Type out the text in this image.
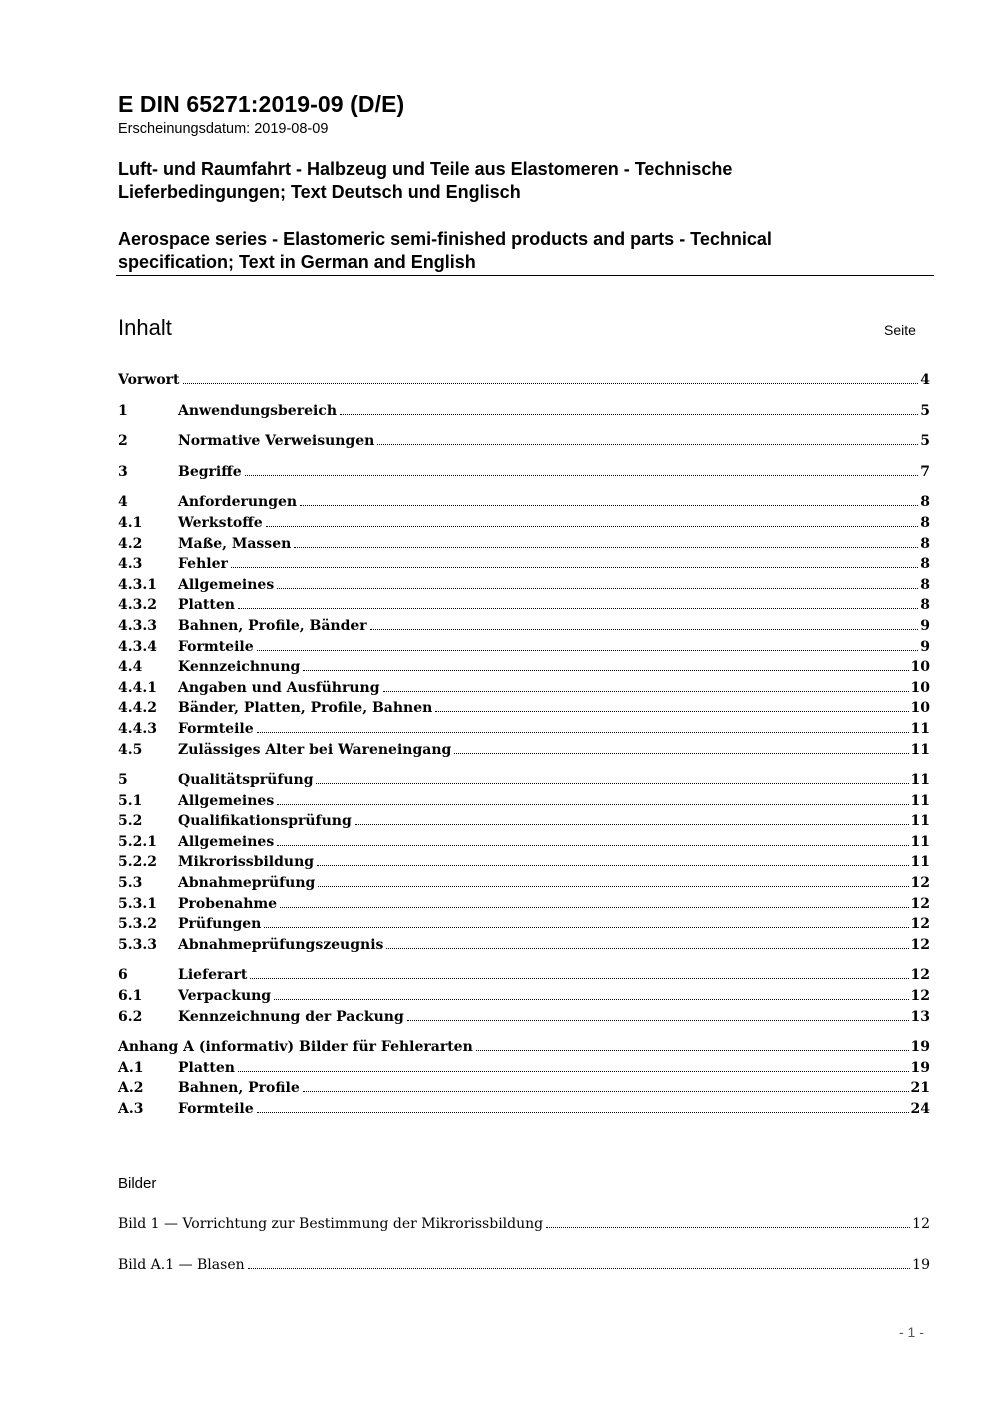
E DIN 65271:2019-09 (D/E)
Erscheinungsdatum: 2019-08-09
Luft- und Raumfahrt - Halbzeug und Teile aus Elastomeren - Technische
Lieferbedingungen; Text Deutsch und Englisch
Aerospace series - Elastomeric semi-finished products and parts - Technical
specification; Text in German and English
Inhalt	Seite
Vorwort	4
1	Anwendungsbereich	5
2	Normative Verweisungen	5
3	Begriffe	7
4	Anforderungen	8
4.1	Werkstoffe	8
4.2	Maße, Massen	8
4.3	Fehler	8
4.3.1	Allgemeines	8
4.3.2	Platten	8
4.3.3	Bahnen, Profile, Bänder	9
4.3.4	Formteile	9
4.4	Kennzeichnung	10
4.4.1	Angaben und Ausführung	10
4.4.2	Bänder, Platten, Profile, Bahnen	10
4.4.3	Formteile	11
4.5	Zulässiges Alter bei Wareneingang	11
5	Qualitätsprüfung	11
5.1	Allgemeines	11
5.2	Qualifikationsprüfung	11
5.2.1	Allgemeines	11
5.2.2	Mikrorissbildung	11
5.3	Abnahmeprüfung	12
5.3.1	Probenahme	12
5.3.2	Prüfungen	12
5.3.3	Abnahmeprüfungszeugnis	12
6	Lieferart	12
6.1	Verpackung	12
6.2	Kennzeichnung der Packung	13
Anhang A (informativ) Bilder für Fehlerarten	19
A.1	Platten	19
A.2	Bahnen, Profile	21
A.3	Formteile	24
Bilder
Bild 1 — Vorrichtung zur Bestimmung der Mikrorissbildung	12
Bild A.1 — Blasen	19
- 1 -
